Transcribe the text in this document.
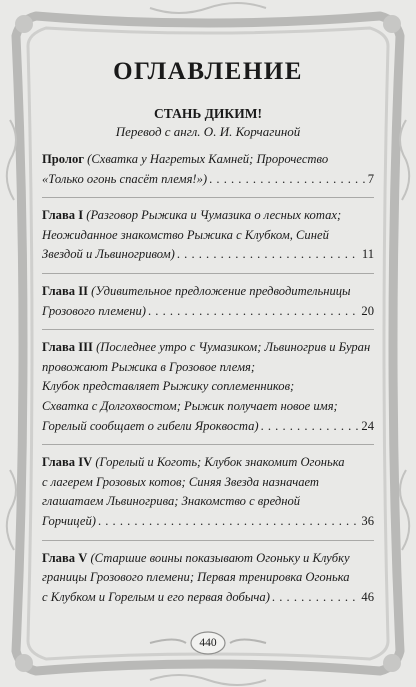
ОГЛАВЛЕНИЕ
СТАНЬ ДИКИМ!
Перевод с англ. О. И. Корчагиной
Пролог (Схватка у Нагретых Камней; Пророчество
«Только огонь спасёт племя!») . . .	7
Глава I (Разговор Рыжика и Чумазика о лесных котах;
Неожиданное знакомство Рыжика с Клубком, Синей
Звездой и Львиногривом) . . .	11
Глава II (Удивительное предложение предводительницы
Грозового племени) . . .	20
Глава III (Последнее утро с Чумазиком; Львиногрив и Буран
провожают Рыжика в Грозовое племя;
Клубок представляет Рыжику соплеменников;
Схватка с Долгохвостом; Рыжик получает новое имя;
Горелый сообщает о гибели Яроквоста) . . .	24
Глава IV (Горелый и Коготь; Клубок знакомит Огонька
с лагерем Грозовых котов; Синяя Звезда назначает
глашатаем Львиногрива; Знакомство с вредной
Горчицей) . . .	36
Глава V (Старшие воины показывают Огоньку и Клубку
границы Грозового племени; Первая тренировка Огонька
с Клубком и Горелым и его первая добыча) . . .	46
440
